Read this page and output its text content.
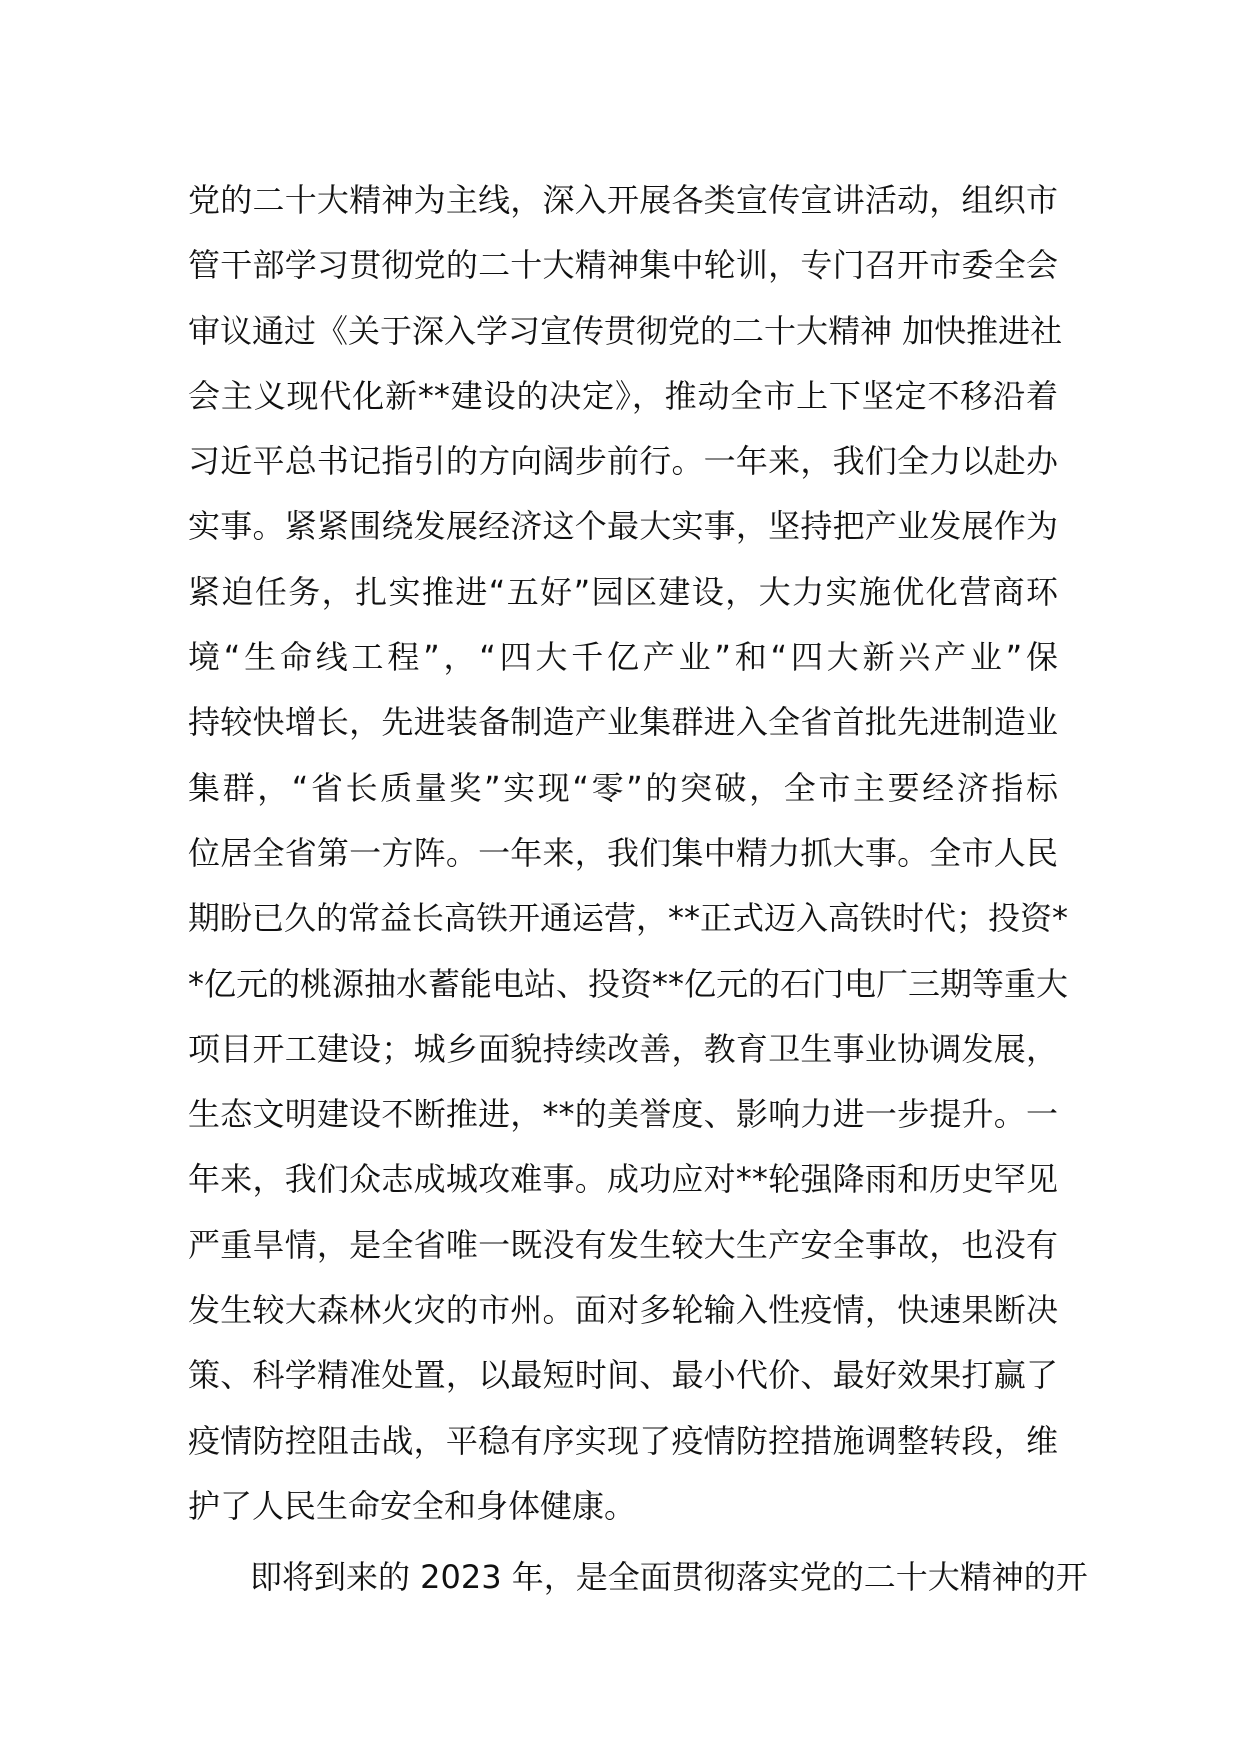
党的二十大精神为主线，深入开展各类宣传宣讲活动，组织市
管干部学习贯彻党的二十大精神集中轮训，专门召开市委全会
审议通过《关于深入学习宣传贯彻党的二十大精神 加快推进社
会主义现代化新**建设的决定》，推动全市上下坚定不移沿着
习近平总书记指引的方向阔步前行。一年来，我们全力以赴办
实事。紧紧围绕发展经济这个最大实事，坚持把产业发展作为
紧迫任务，扎实推进“五好”园区建设，大力实施优化营商环
境“生命线工程”，“四大千亿产业”和“四大新兴产业”保
持较快增长，先进装备制造产业集群进入全省首批先进制造业
集群，“省长质量奖”实现“零”的突破，全市主要经济指标
位居全省第一方阵。一年来，我们集中精力抓大事。全市人民
期盼已久的常益长高铁开通运营，**正式迈入高铁时代；投资*
*亿元的桃源抽水蓄能电站、投资**亿元的石门电厂三期等重大
项目开工建设；城乡面貌持续改善，教育卫生事业协调发展，
生态文明建设不断推进，**的美誉度、影响力进一步提升。一
年来，我们众志成城攻难事。成功应对**轮强降雨和历史罕见
严重旱情，是全省唯一既没有发生较大生产安全事故，也没有
发生较大森林火灾的市州。面对多轮输入性疫情，快速果断决
策、科学精准处置，以最短时间、最小代价、最好效果打赢了
疫情防控阻击战，平稳有序实现了疫情防控措施调整转段，维
护了人民生命安全和身体健康。
即将到来的 2023 年，是全面贯彻落实党的二十大精神的开
